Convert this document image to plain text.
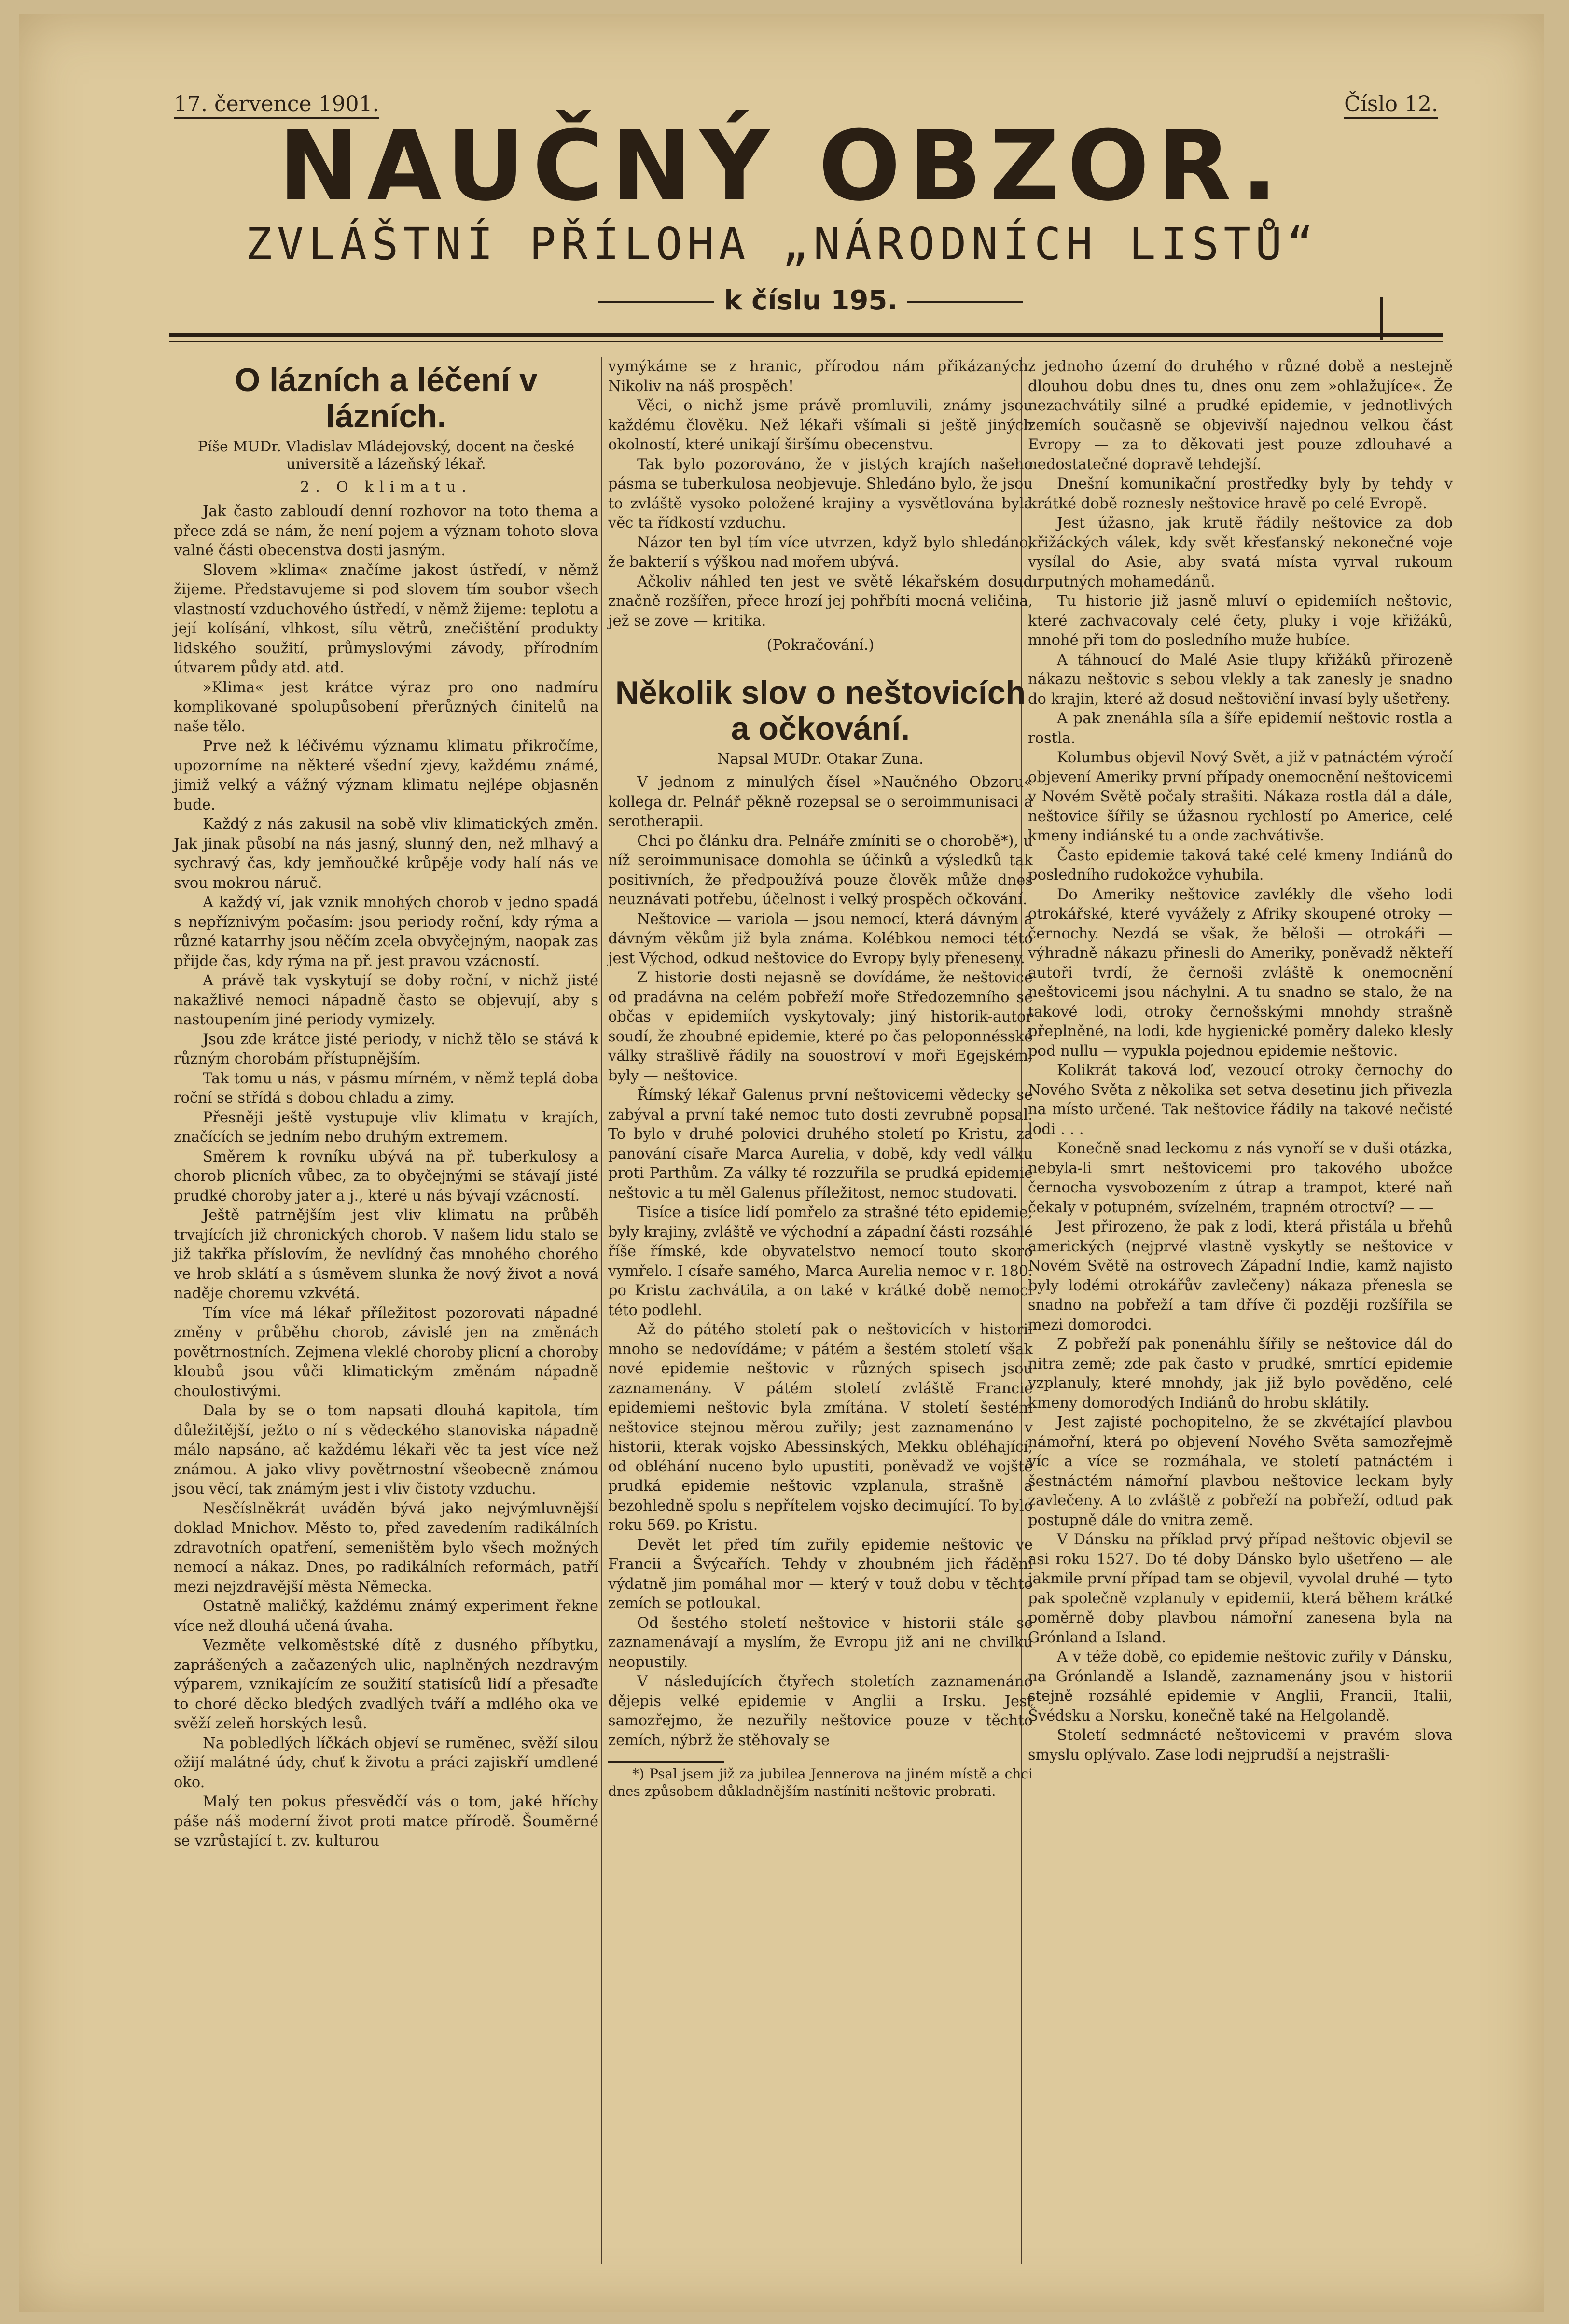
17. července 1901.	Číslo 12.
NAUČNÝ OBZOR.
ZVLÁŠTNÍ PŘÍLOHA „NÁRODNÍCH LISTŮ“
k číslu 195.
O lázních a léčení v lázních.
Píše MUDr. Vladislav Mládejovský, docent na české universitě a lázeňský lékař.
2. O klimatu.

Jak často zabloudí denní rozhovor na toto thema a přece zdá se nám, že není pojem a význam tohoto slova valné části obecenstva dosti jasným.

Slovem »klima« značíme jakost ústředí, v němž žijeme. Představujeme si pod slovem tím soubor všech vlastností vzduchového ústředí, v němž žijeme: teplotu a její kolísání, vlhkost, sílu větrů, znečištění produkty lidského soužití, průmyslovými závody, přírodním útvarem půdy atd. atd.

»Klima« jest krátce výraz pro ono nadmíru komplikované spolupůsobení přerůzných činitelů na naše tělo.

Prve než k léčivému významu klimatu přikročíme, upozorníme na některé všední zjevy, každému známé, jimiž velký a vážný význam klimatu nejlépe objasněn bude.

Každý z nás zakusil na sobě vliv klimatických změn. Jak jinak působí na nás jasný, slunný den, než mlhavý a sychravý čas, kdy jemňoučké krůpěje vody halí nás ve svou mokrou náruč.

A každý ví, jak vznik mnohých chorob v jedno spadá s nepříznivým počasím: jsou periody roční, kdy rýma a různé katarrhy jsou něčím zcela obvyčejným, naopak zas přijde čas, kdy rýma na př. jest pravou vzácností.

A právě tak vyskytují se doby roční, v nichž jisté nakažlivé nemoci nápadně často se objevují, aby s nastoupením jiné periody vymizely.

Jsou zde krátce jisté periody, v nichž tělo se stává k různým chorobám přístupnějším.

Tak tomu u nás, v pásmu mírném, v němž teplá doba roční se střídá s dobou chladu a zimy.

Přesněji ještě vystupuje vliv klimatu v krajích, značících se jedním nebo druhým extremem.

Směrem k rovníku ubývá na př. tuberkulosy a chorob plicních vůbec, za to obyčejnými se stávají jisté prudké choroby jater a j., které u nás bývají vzácností.

Ještě patrnějším jest vliv klimatu na průběh trvajících již chronických chorob. V našem lidu stalo se již takřka příslovím, že nevlídný čas mnohého chorého ve hrob sklátí a s úsměvem slunka že nový život a nová naděje choremu vzkvétá.

Tím více má lékař příležitost pozorovati nápadné změny v průběhu chorob, závislé jen na změnách povětrnostních. Zejmena vleklé choroby plicní a choroby kloubů jsou vůči klimatickým změnám nápadně choulostivými.

Dala by se o tom napsati dlouhá kapitola, tím důležitější, ježto o ní s vědeckého stanoviska nápadně málo napsáno, ač každému lékaři věc ta jest více než známou. A jako vlivy povětrnostní všeobecně známou jsou věcí, tak známým jest i vliv čistoty vzduchu.

Nesčíslněkrát uváděn bývá jako nejvýmluvnější doklad Mnichov. Město to, před zavedením radikálních zdravotních opatření, semeništěm bylo všech možných nemocí a nákaz. Dnes, po radikálních reformách, patří mezi nejzdravější města Německa.

Ostatně maličký, každému známý experiment řekne více než dlouhá učená úvaha.

Vezměte velkoměstské dítě z dusného příbytku, zaprášených a začazených ulic, naplněných nezdravým výparem, vznikajícím ze soužití statisíců lidí a přesaďte to choré děcko bledých zvadlých tváří a mdlého oka ve svěží zeleň horských lesů.

Na pobledlých líčkách objeví se rumĕnec, svěží silou ožijí malátné údy, chuť k životu a práci zajiskří umdlené oko.

Malý ten pokus přesvědčí vás o tom, jaké hříchy páše náš moderní život proti matce přírodě. Šoumĕrné se vzrůstající t. zv. kulturou

vymýkáme se z hranic, přírodou nám přikázaných. Nikoliv na náš prospěch!

Věci, o nichž jsme právě promluvili, známy jsou každému člověku. Než lékaři všímali si ještě jiných okolností, které unikají širšímu obecenstvu.

Tak bylo pozorováno, že v jistých krajích našeho pásma se tuberkulosa neobjevuje. Shledáno bylo, že jsou to zvláště vysoko položené krajiny a vysvětlována byla věc ta řídkostí vzduchu.

Názor ten byl tím více utvrzen, když bylo shledáno, že bakterií s výškou nad mořem ubývá.

Ačkoliv náhled ten jest ve světě lékařském dosud značně rozšířen, přece hrozí jej pohřbíti mocná veličina, jež se zove — kritika.

(Pokračování.)
Několik slov o neštovicích a očkování.
Napsal MUDr. Otakar Zuna.

V jednom z minulých čísel »Naučného Obzoru« kollega dr. Pelnář pěkně rozepsal se o seroimmunisaci a serotherapii.

Chci po článku dra. Pelnáře zmíniti se o chorobě*), u níž seroimmunisace domohla se účinků a výsledků tak positivních, že předpoužívá pouze člověk může dnes neuznávati potřebu, účelnost i velký prospěch očkování.

Neštovice — variola — jsou nemocí, která dávným a dávným věkům již byla známa. Kolébkou nemoci této jest Východ, odkud neštovice do Evropy byly přeneseny.

Z historie dosti nejasně se dovídáme, že neštovice od pradávna na celém pobřeží moře Středozemního se občas v epidemiích vyskytovaly; jiný historik-autor soudí, že zhoubné epidemie, které po čas peloponnésské války strašlivě řádily na souostroví v moři Egejském, byly — neštovice.

Římský lékař Galenus první neštovicemi vědecky se zabýval a první také nemoc tuto dosti zevrubně popsal. To bylo v druhé polovici druhého století po Kristu, za panování císaře Marca Aurelia, v době, kdy vedl válku proti Parthům. Za války té rozzuřila se prudká epidemie neštovic a tu měl Galenus příležitost, nemoc studovati.

Tisíce a tisíce lidí pomřelo za strašné této epidemie; byly krajiny, zvláště ve východní a západní části rozsáhlé říše římské, kde obyvatelstvo nemocí touto skoro vymřelo. I císaře samého, Marca Aurelia nemoc v r. 180. po Kristu zachvátila, a on také v krátké době nemoci této podlehl.

Až do pátého století pak o neštovicích v historii mnoho se nedovídáme; v pátém a šestém století však nové epidemie neštovic v různých spisech jsou zaznamenány. V pátém století zvláště Francie epidemiemi neštovic byla zmítána. V století šestém neštovice stejnou měrou zuřily; jest zaznamenáno v historii, kterak vojsko Abessinských, Mekku obléhající, od obléhání nuceno bylo upustiti, poněvadž ve vojště prudká epidemie neštovic vzplanula, strašně a bezohledně spolu s nepřítelem vojsko decimující. To bylo roku 569. po Kristu.

Devět let před tím zuřily epidemie neštovic ve Francii a Švýcařích. Tehdy v zhoubném jich řádění výdatně jim pomáhal mor — který v touž dobu v těchto zemích se potloukal.

Od šestého století neštovice v historii stále se zaznamenávají a myslím, že Evropu již ani ne chvilku neopustily.

V následujících čtyřech stoletích zaznamenáno dějepis velké epidemie v Anglii a Irsku. Jest samozřejmo, že nezuřily neštovice pouze v těchto zemích, nýbrž že stěhovaly se

*) Psal jsem již za jubilea Jennerova na jiném místě a chci dnes způsobem důkladnějším nastíniti neštovic probrati.

z jednoho území do druhého v různé době a nestejně dlouhou dobu dnes tu, dnes onu zem »ohlažujíce«. Že nezachvátily silné a prudké epidemie, v jednotlivých zemích současně se objevivší najednou velkou část Evropy — za to děkovati jest pouze zdlouhavé a nedostatečné dopravě tehdejší.

Dnešní komunikační prostředky byly by tehdy v krátké době roznesly neštovice hravě po celé Evropě.

Jest úžasno, jak krutě řádily neštovice za dob křižáckých válek, kdy svět křesťanský nekonečné voje vysílal do Asie, aby svatá místa vyrval rukoum urputných mohamedánů.

Tu historie již jasně mluví o epidemiích neštovic, které zachvacovaly celé čety, pluky i voje křižáků, mnohé při tom do posledního muže hubíce.

A táhnoucí do Malé Asie tlupy křižáků přirozeně nákazu neštovic s sebou vlekly a tak zanesly je snadno do krajin, které až dosud neštoviční invasí byly ušetřeny.

A pak znenáhla síla a šíře epidemií neštovic rostla a rostla.

Kolumbus objevil Nový Svět, a již v patnáctém výročí objevení Ameriky první případy onemocnění neštovicemi v Novém Světě počaly strašiti. Nákaza rostla dál a dále, neštovice šířily se úžasnou rychlostí po Americe, celé kmeny indiánské tu a onde zachvátivše.

Často epidemie taková také celé kmeny Indiánů do posledního rudokožce vyhubila.

Do Ameriky neštovice zavlékly dle všeho lodi otrokářské, které vyvážely z Afriky skoupené otroky — černochy. Nezdá se však, že běloši — otrokáři — výhradně nákazu přinesli do Ameriky, poněvadž někteří autoři tvrdí, že černoši zvláště k onemocnění neštovicemi jsou náchylni. A tu snadno se stalo, že na takové lodi, otroky černošskými mnohdy strašně přeplněné, na lodi, kde hygienické poměry daleko klesly pod nullu — vypukla pojednou epidemie neštovic.

Kolikrát taková loď, vezoucí otroky černochy do Nového Světa z několika set setva desetinu jich přivezla na místo určené. Tak neštovice řádily na takové nečisté lodi . . .

Konečně snad leckomu z nás vynoří se v duši otázka, nebyla-li smrt neštovicemi pro takového ubožce černocha vysvobozením z útrap a trampot, které naň čekaly v potupném, svízelném, trapném otroctví? — —

Jest přirozeno, že pak z lodi, která přistála u břehů amerických (nejprvé vlastně vyskytly se neštovice v Novém Světě na ostrovech Západní Indie, kamž najisto byly lodémi otrokářův zavlečeny) nákaza přenesla se snadno na pobřeží a tam dříve či později rozšířila se mezi domorodci.

Z pobřeží pak ponenáhlu šířily se neštovice dál do nitra země; zde pak často v prudké, smrtící epidemie vzplanuly, které mnohdy, jak již bylo pověděno, celé kmeny domorodých Indiánů do hrobu sklátily.

Jest zajisté pochopitelno, že se zkvétající plavbou námořní, která po objevení Nového Světa samozřejmě víc a více se rozmáhala, ve století patnáctém i šestnáctém námořní plavbou neštovice leckam byly zavlečeny. A to zvláště z pobřeží na pobřeží, odtud pak postupně dále do vnitra země.

V Dánsku na příklad prvý případ neštovic objevil se asi roku 1527. Do té doby Dánsko bylo ušetřeno — ale jakmile první případ tam se objevil, vyvolal druhé — tyto pak společně vzplanuly v epidemii, která během krátké poměrně doby plavbou námořní zanesena byla na Grónland a Island.

A v téže době, co epidemie neštovic zuřily v Dánsku, na Grónlandě a Islandě, zaznamenány jsou v historii stejně rozsáhlé epidemie v Anglii, Francii, Italii, Švédsku a Norsku, konečně také na Helgolandě.

Století sedmnácté neštovicemi v pravém slova smyslu oplývalo. Zase lodi nejprudší a nejstrašli-
